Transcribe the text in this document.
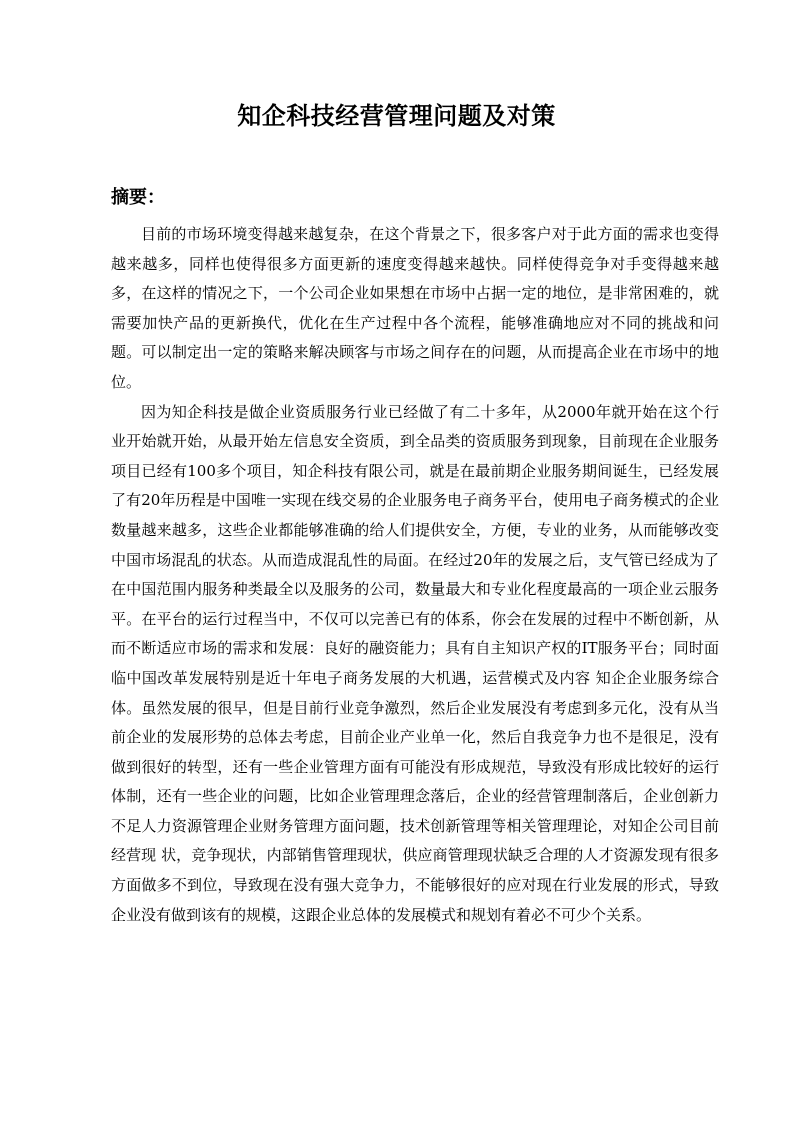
知企科技经营管理问题及对策
摘要：

目前的市场环境变得越来越复杂，在这个背景之下，很多客户对于此方面的需求也变得越来越多，同样也使得很多方面更新的速度变得越来越快。同样使得竞争对手变得越来越多，在这样的情况之下，一个公司企业如果想在市场中占据一定的地位，是非常困难的，就需要加快产品的更新换代，优化在生产过程中各个流程，能够准确地应对不同的挑战和问题。可以制定出一定的策略来解决顾客与市场之间存在的问题，从而提高企业在市场中的地位。

因为知企科技是做企业资质服务行业已经做了有二十多年，从2000年就开始在这个行业开始就开始，从最开始左信息安全资质，到全品类的资质服务到现象，目前现在企业服务项目已经有100多个项目，知企科技有限公司，就是在最前期企业服务期间诞生，已经发展了有20年历程是中国唯一实现在线交易的企业服务电子商务平台，使用电子商务模式的企业数量越来越多，这些企业都能够准确的给人们提供安全，方便，专业的业务，从而能够改变中国市场混乱的状态。从而造成混乱性的局面。在经过20年的发展之后，支气管已经成为了在中国范围内服务种类最全以及服务的公司，数量最大和专业化程度最高的一项企业云服务平。在平台的运行过程当中，不仅可以完善已有的体系，你会在发展的过程中不断创新，从而不断适应市场的需求和发展：良好的融资能力；具有自主知识产权的IT服务平台；同时面临中国改革发展特别是近十年电子商务发展的大机遇，运营模式及内容 知企企业服务综合体。虽然发展的很早，但是目前行业竞争激烈，然后企业发展没有考虑到多元化，没有从当前企业的发展形势的总体去考虑，目前企业产业单一化，然后自我竞争力也不是很足，没有做到很好的转型，还有一些企业管理方面有可能没有形成规范，导致没有形成比较好的运行体制，还有一些企业的问题，比如企业管理理念落后，企业的经营管理制落后，企业创新力不足人力资源管理企业财务管理方面问题，技术创新管理等相关管理理论，对知企公司目前经营现 状，竞争现状，内部销售管理现状，供应商管理现状缺乏合理的人才资源发现有很多方面做多不到位，导致现在没有强大竞争力，不能够很好的应对现在行业发展的形式，导致企业没有做到该有的规模，这跟企业总体的发展模式和规划有着必不可少个关系。
